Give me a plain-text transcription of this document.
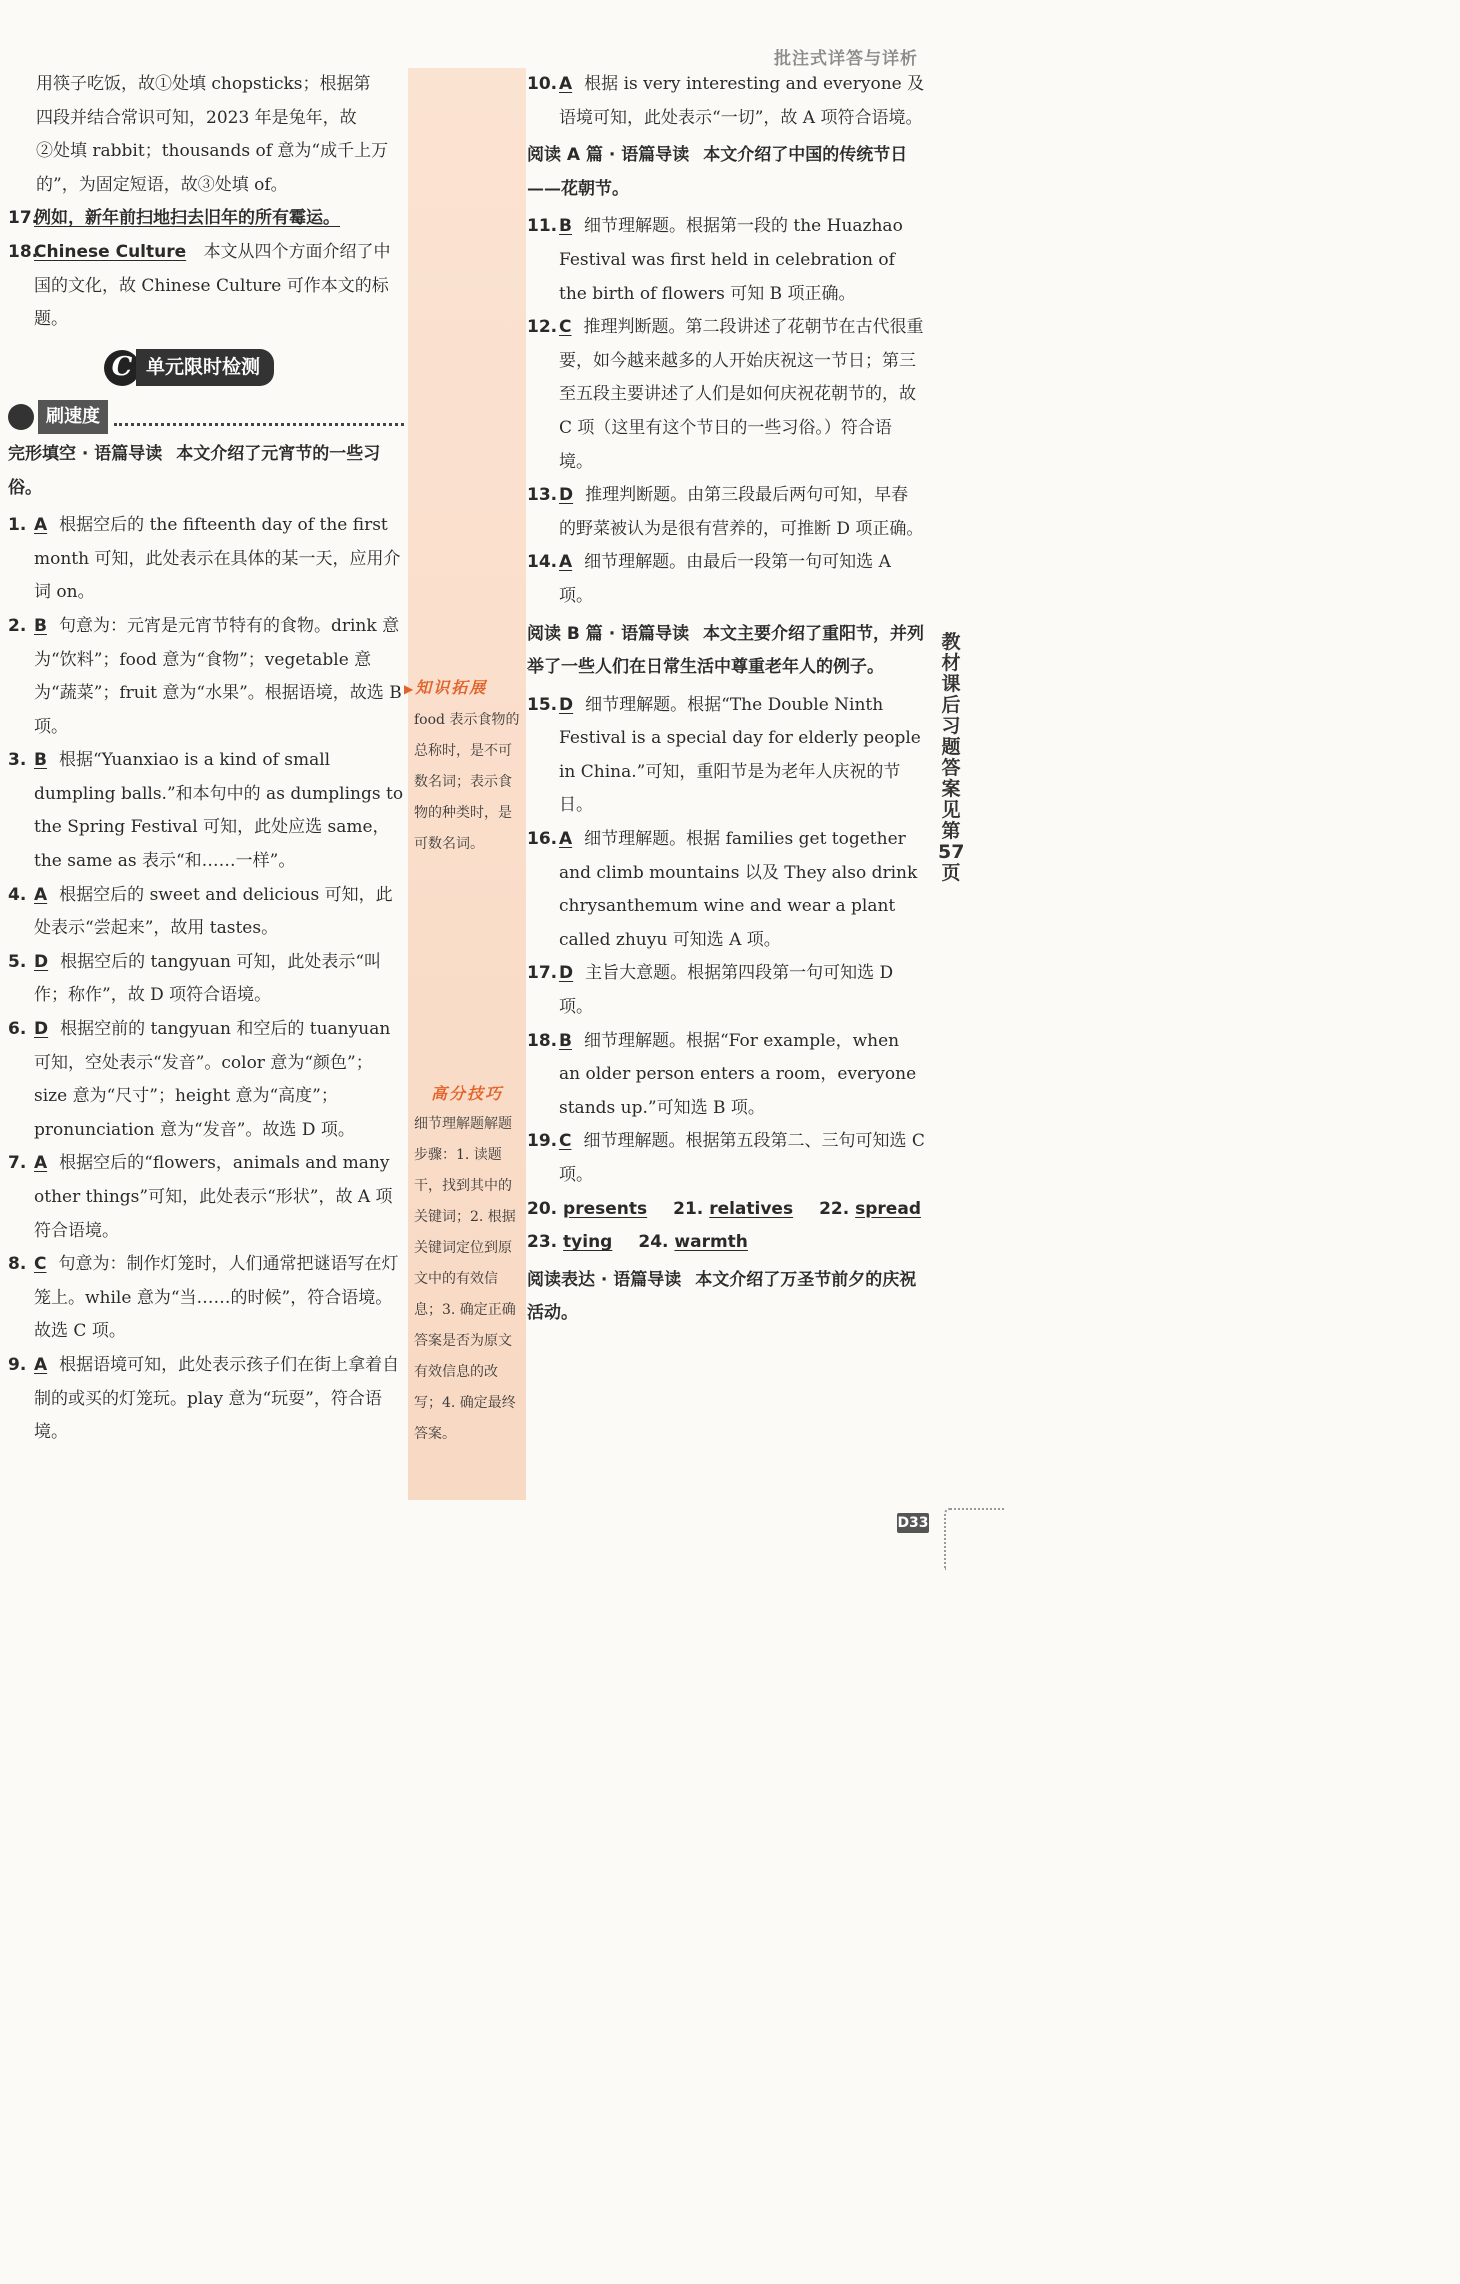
批注式详答与详析
用筷子吃饭，故①处填 chopsticks；根据第
四段并结合常识可知，2023 年是兔年，故
②处填 rabbit；thousands of 意为“成千上万
的”，为固定短语，故③处填 of。
17.
例如，新年前扫地扫去旧年的所有霉运。
18.
Chinese Culture 本文从四个方面介绍了中国的文化，故 Chinese Culture 可作本文的标题。
C 单元限时检测
刷速度
完形填空 · 语篇导读 本文介绍了元宵节的一些习俗。
1. A 根据空后的 the fifteenth day of the first month 可知，此处表示在具体的某一天，应用介词 on。
2. B 句意为：元宵是元宵节特有的食物。drink 意为“饮料”；food 意为“食物”；vegetable 意为“蔬菜”；fruit 意为“水果”。根据语境，故选 B 项。
3. B 根据“Yuanxiao is a kind of small dumpling balls.”和本句中的 as dumplings to the Spring Festival 可知，此处应选 same，the same as 表示“和……一样”。
4. A 根据空后的 sweet and delicious 可知，此处表示“尝起来”，故用 tastes。
5. D 根据空后的 tangyuan 可知，此处表示“叫作；称作”，故 D 项符合语境。
6. D 根据空前的 tangyuan 和空后的 tuanyuan 可知，空处表示“发音”。color 意为“颜色”；size 意为“尺寸”；height 意为“高度”；pronunciation 意为“发音”。故选 D 项。
7. A 根据空后的“flowers，animals and many other things”可知，此处表示“形状”，故 A 项符合语境。
8. C 句意为：制作灯笼时，人们通常把谜语写在灯笼上。while 意为“当……的时候”，符合语境。故选 C 项。
9. A 根据语境可知，此处表示孩子们在街上拿着自制的或买的灯笼玩。play 意为“玩耍”，符合语境。
▶知识拓展
food 表示食物的总称时，是不可数名词；表示食物的种类时，是可数名词。
高分技巧
细节理解题解题步骤：1. 读题干，找到其中的关键词；2. 根据关键词定位到原文中的有效信息；3. 确定正确答案是否为原文有效信息的改写；4. 确定最终答案。
10. A 根据 is very interesting and everyone 及语境可知，此处表示“一切”，故 A 项符合语境。
阅读 A 篇 · 语篇导读 本文介绍了中国的传统节日——花朝节。
11. B 细节理解题。根据第一段的 the Huazhao Festival was first held in celebration of the birth of flowers 可知 B 项正确。
12. C 推理判断题。第二段讲述了花朝节在古代很重要，如今越来越多的人开始庆祝这一节日；第三至五段主要讲述了人们是如何庆祝花朝节的，故 C 项（这里有这个节日的一些习俗。）符合语境。
13. D 推理判断题。由第三段最后两句可知，早春的野菜被认为是很有营养的，可推断 D 项正确。
14. A 细节理解题。由最后一段第一句可知选 A 项。
阅读 B 篇 · 语篇导读 本文主要介绍了重阳节，并列举了一些人们在日常生活中尊重老年人的例子。
15. D 细节理解题。根据“The Double Ninth Festival is a special day for elderly people in China.”可知，重阳节是为老年人庆祝的节日。
16. A 细节理解题。根据 families get together and climb mountains 以及 They also drink chrysanthemum wine and wear a plant called zhuyu 可知选 A 项。
17. D 主旨大意题。根据第四段第一句可知选 D 项。
18. B 细节理解题。根据“For example，when an older person enters a room，everyone stands up.”可知选 B 项。
19. C 细节理解题。根据第五段第二、三句可知选 C 项。
20. presents 21. relatives 22. spread
23. tying 24. warmth
阅读表达 · 语篇导读 本文介绍了万圣节前夕的庆祝活动。
教材课后习题答案见第57页
D33
